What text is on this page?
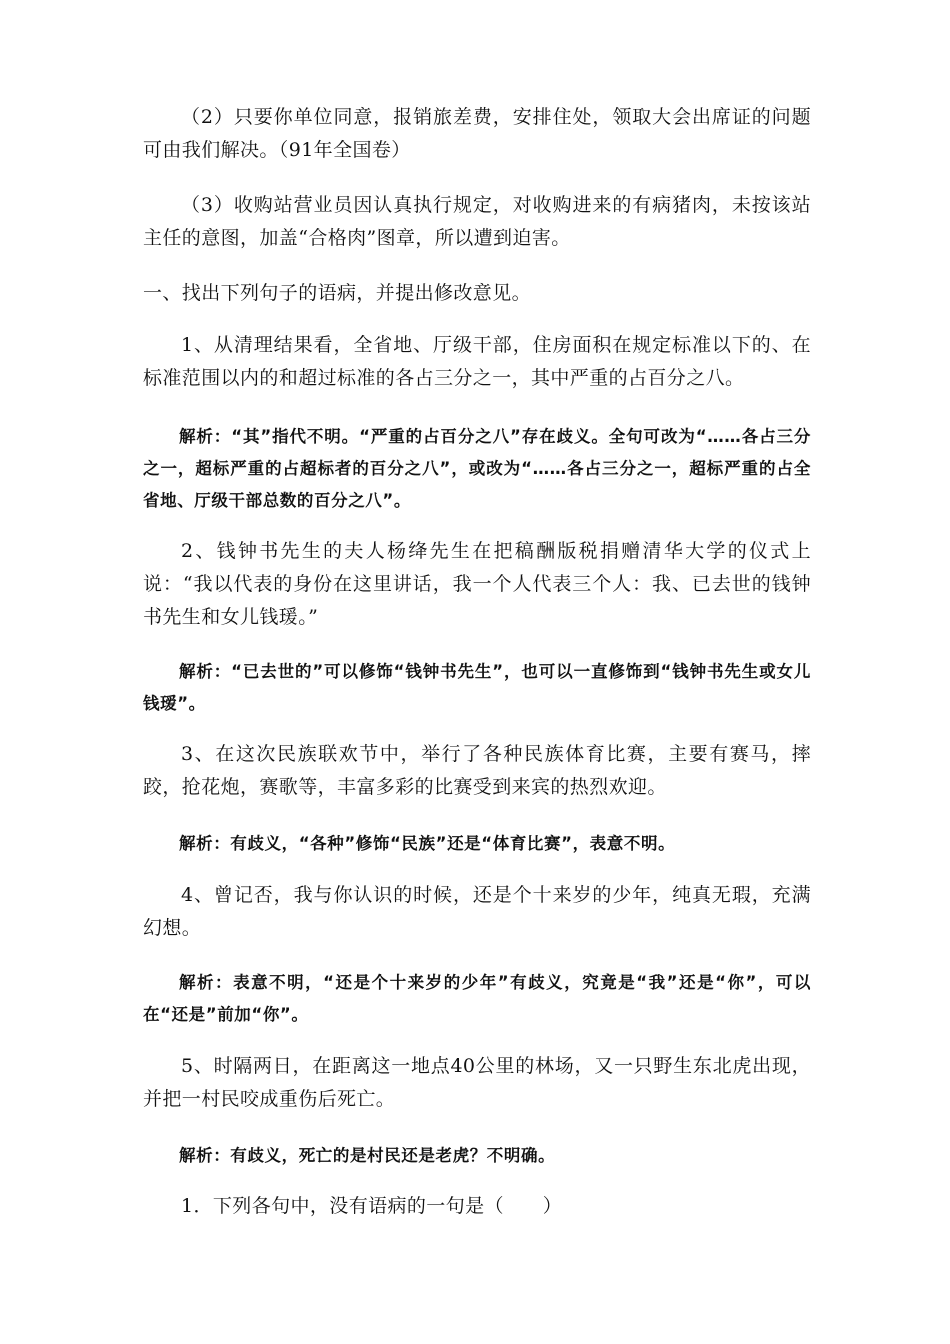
（2）只要你单位同意，报销旅差费，安排住处，领取大会出席证的问题可由我们解决。（91年全国卷）

（3）收购站营业员因认真执行规定，对收购进来的有病猪肉，未按该站主任的意图，加盖“合格肉”图章，所以遭到迫害。

一、找出下列句子的语病，并提出修改意见。

1、从清理结果看，全省地、厅级干部，住房面积在规定标准以下的、在标准范围以内的和超过标准的各占三分之一，其中严重的占百分之八。

解析：“其”指代不明。“严重的占百分之八”存在歧义。全句可改为“……各占三分之一，超标严重的占超标者的百分之八”，或改为“……各占三分之一，超标严重的占全省地、厅级干部总数的百分之八”。

2、钱钟书先生的夫人杨绛先生在把稿酬版税捐赠清华大学的仪式上说：“我以代表的身份在这里讲话，我一个人代表三个人：我、已去世的钱钟书先生和女儿钱瑗。”

解析：“已去世的”可以修饰“钱钟书先生”，也可以一直修饰到“钱钟书先生或女儿钱瑷”。

3、在这次民族联欢节中，举行了各种民族体育比赛，主要有赛马，摔跤，抢花炮，赛歌等，丰富多彩的比赛受到来宾的热烈欢迎。

解析：有歧义，“各种”修饰“民族”还是“体育比赛”，表意不明。

4、曾记否，我与你认识的时候，还是个十来岁的少年，纯真无瑕，充满幻想。

解析：表意不明，“还是个十来岁的少年”有歧义，究竟是“我”还是“你”，可以在“还是”前加“你”。

5、时隔两日，在距离这一地点40公里的林场，又一只野生东北虎出现，并把一村民咬成重伤后死亡。

解析：有歧义，死亡的是村民还是老虎？不明确。

1．下列各句中，没有语病的一句是（　　）
